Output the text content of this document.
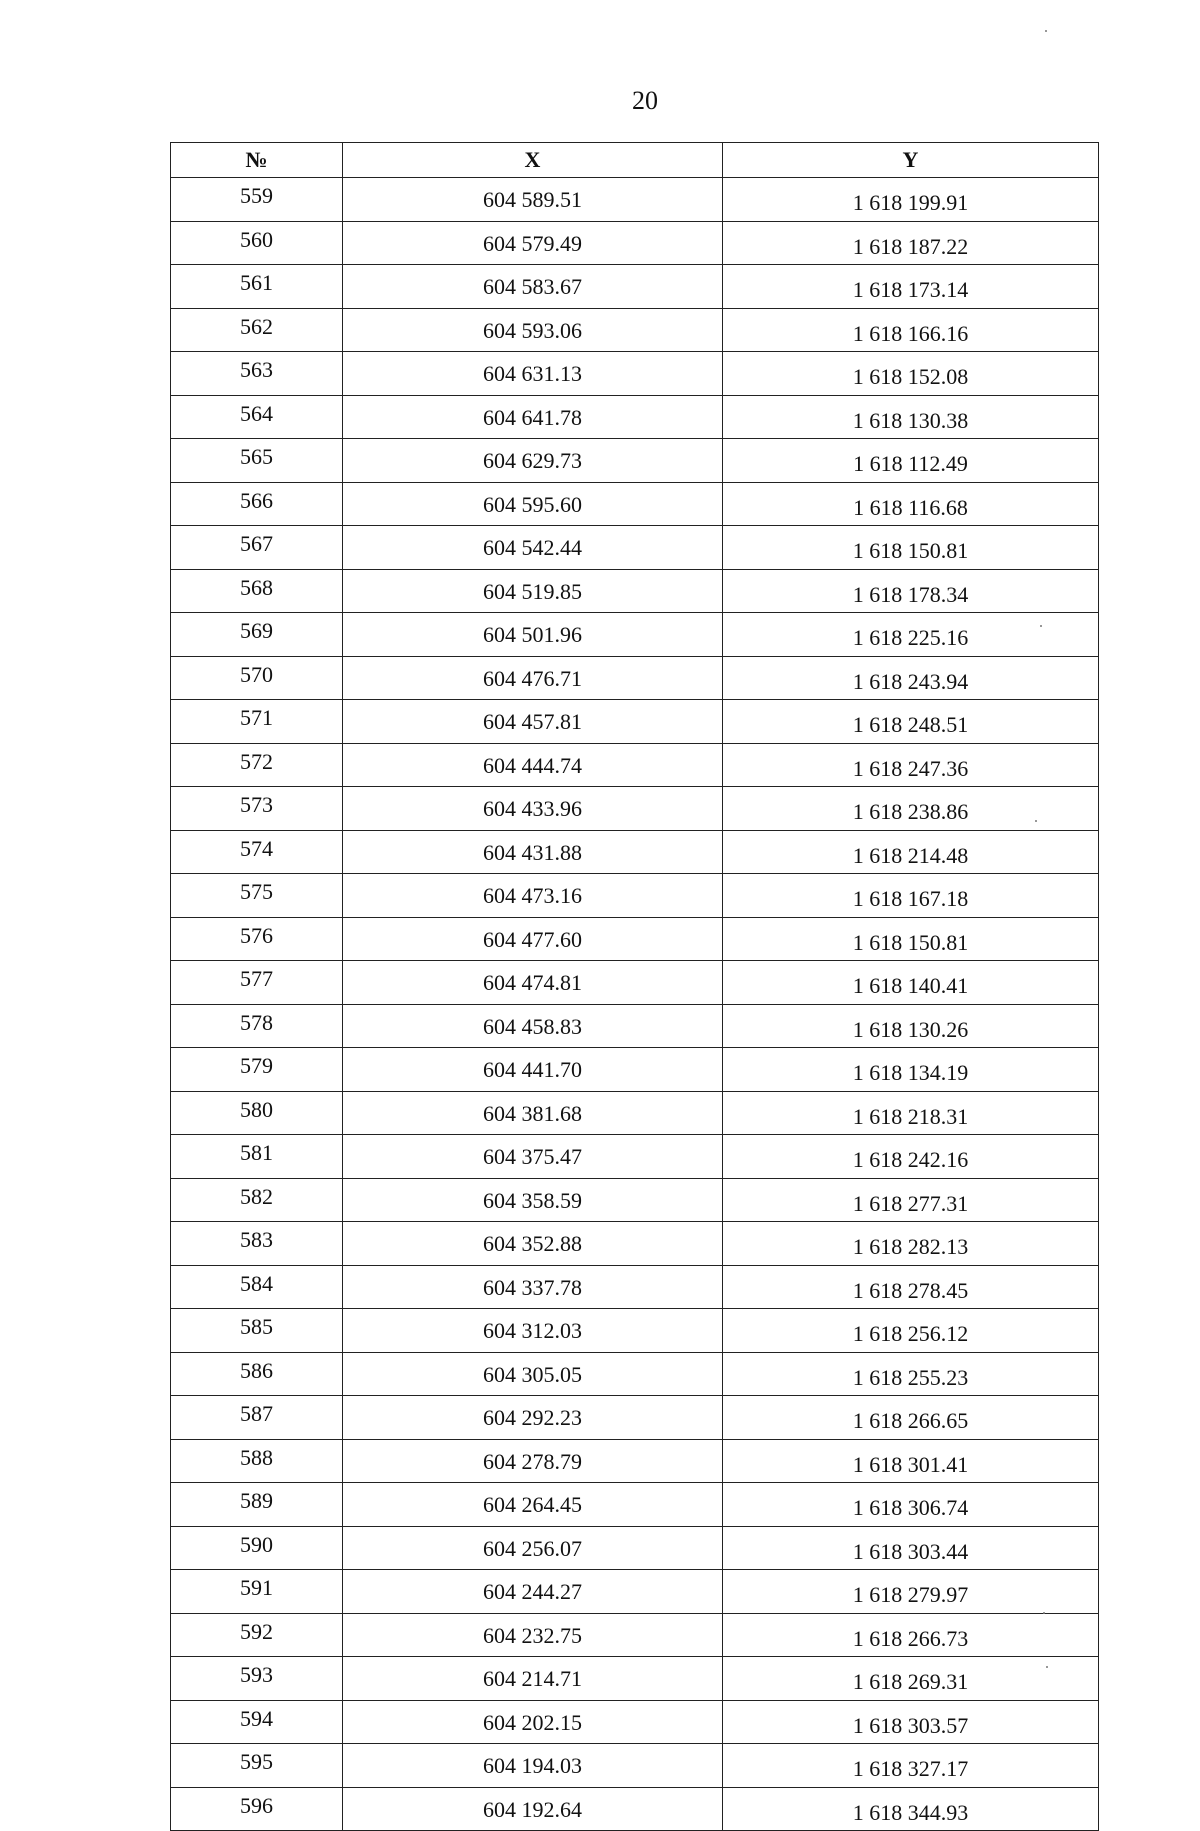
20
№	X	Y
559	604 589.51	1 618 199.91
560	604 579.49	1 618 187.22
561	604 583.67	1 618 173.14
562	604 593.06	1 618 166.16
563	604 631.13	1 618 152.08
564	604 641.78	1 618 130.38
565	604 629.73	1 618 112.49
566	604 595.60	1 618 116.68
567	604 542.44	1 618 150.81
568	604 519.85	1 618 178.34
569	604 501.96	1 618 225.16
570	604 476.71	1 618 243.94
571	604 457.81	1 618 248.51
572	604 444.74	1 618 247.36
573	604 433.96	1 618 238.86
574	604 431.88	1 618 214.48
575	604 473.16	1 618 167.18
576	604 477.60	1 618 150.81
577	604 474.81	1 618 140.41
578	604 458.83	1 618 130.26
579	604 441.70	1 618 134.19
580	604 381.68	1 618 218.31
581	604 375.47	1 618 242.16
582	604 358.59	1 618 277.31
583	604 352.88	1 618 282.13
584	604 337.78	1 618 278.45
585	604 312.03	1 618 256.12
586	604 305.05	1 618 255.23
587	604 292.23	1 618 266.65
588	604 278.79	1 618 301.41
589	604 264.45	1 618 306.74
590	604 256.07	1 618 303.44
591	604 244.27	1 618 279.97
592	604 232.75	1 618 266.73
593	604 214.71	1 618 269.31
594	604 202.15	1 618 303.57
595	604 194.03	1 618 327.17
596	604 192.64	1 618 344.93
